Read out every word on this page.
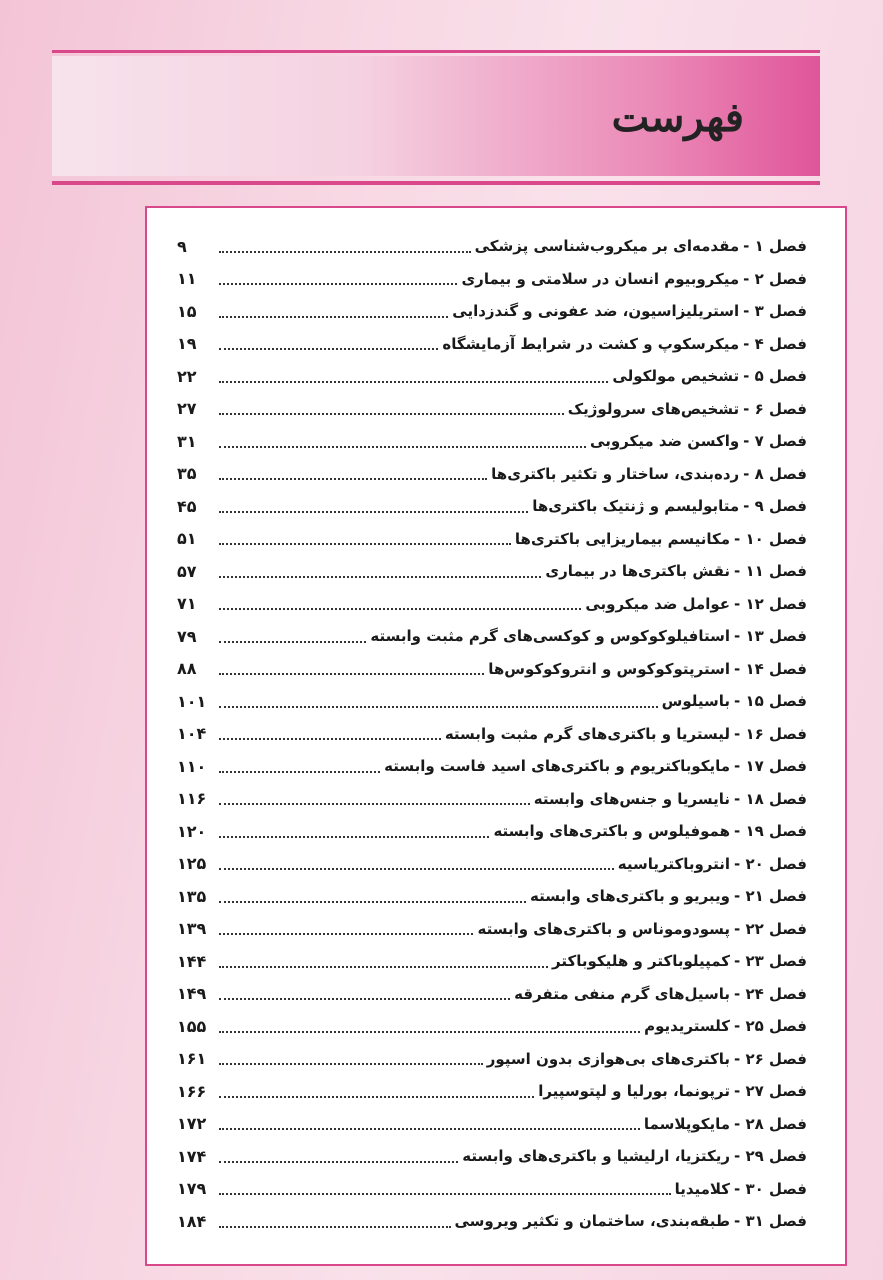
فهرست
۹	مقدمه‌ای بر میکروب‌شناسی پزشکی فصل ۱ -
۱۱	میکروبیوم انسان در سلامتی و بیماری فصل ۲ -
۱۵	استریلیزاسیون، ضد عفونی و گندزدایی فصل ۳ -
۱۹	میکرسکوپ و کشت در شرایط آزمایشگاه فصل ۴ -
۲۲	تشخیص مولکولی فصل ۵ -
۲۷	تشخیص‌های سرولوژیک فصل ۶ -
۳۱	واکسن ضد میکروبی فصل ۷ -
۳۵	رده‌بندی، ساختار و تکثیر باکتری‌ها فصل ۸ -
۴۵	متابولیسم و ژنتیک باکتری‌ها فصل ۹ -
۵۱	مکانیسم بیماریزایی باکتری‌ها فصل ۱۰ -
۵۷	نقش باکتری‌ها در بیماری فصل ۱۱ -
۷۱	عوامل ضد میکروبی فصل ۱۲ -
۷۹	استافیلوکوکوس و کوکسی‌های گرم مثبت وابسته فصل ۱۳ -
۸۸	استرپتوکوکوس و انتروکوکوس‌ها فصل ۱۴ -
۱۰۱	باسیلوس فصل ۱۵ -
۱۰۴	لیستریا و باکتری‌های گرم مثبت وابسته فصل ۱۶ -
۱۱۰	مایکوباکتریوم و باکتری‌های اسید فاست وابسته فصل ۱۷ -
۱۱۶	نایسریا و جنس‌های وابسته فصل ۱۸ -
۱۲۰	هموفیلوس و باکتری‌های وابسته فصل ۱۹ -
۱۲۵	انتروباکتریاسیه فصل ۲۰ -
۱۳۵	ویبریو و باکتری‌های وابسته فصل ۲۱ -
۱۳۹	پسودوموناس و باکتری‌های وابسته فصل ۲۲ -
۱۴۴	کمپیلوباکتر و هلیکوباکتر فصل ۲۳ -
۱۴۹	باسیل‌های گرم منفی متفرقه فصل ۲۴ -
۱۵۵	کلستریدیوم فصل ۲۵ -
۱۶۱	باکتری‌های بی‌هوازی بدون اسپور فصل ۲۶ -
۱۶۶	ترپونما، بورلیا و لپتوسپیرا فصل ۲۷ -
۱۷۲	مایکوپلاسما فصل ۲۸ -
۱۷۴	ریکتزیا، ارلیشیا و باکتری‌های وابسته فصل ۲۹ -
۱۷۹	کلامیدیا فصل ۳۰ -
۱۸۴	طبقه‌بندی، ساختمان و تکثیر ویروسی فصل ۳۱ -
